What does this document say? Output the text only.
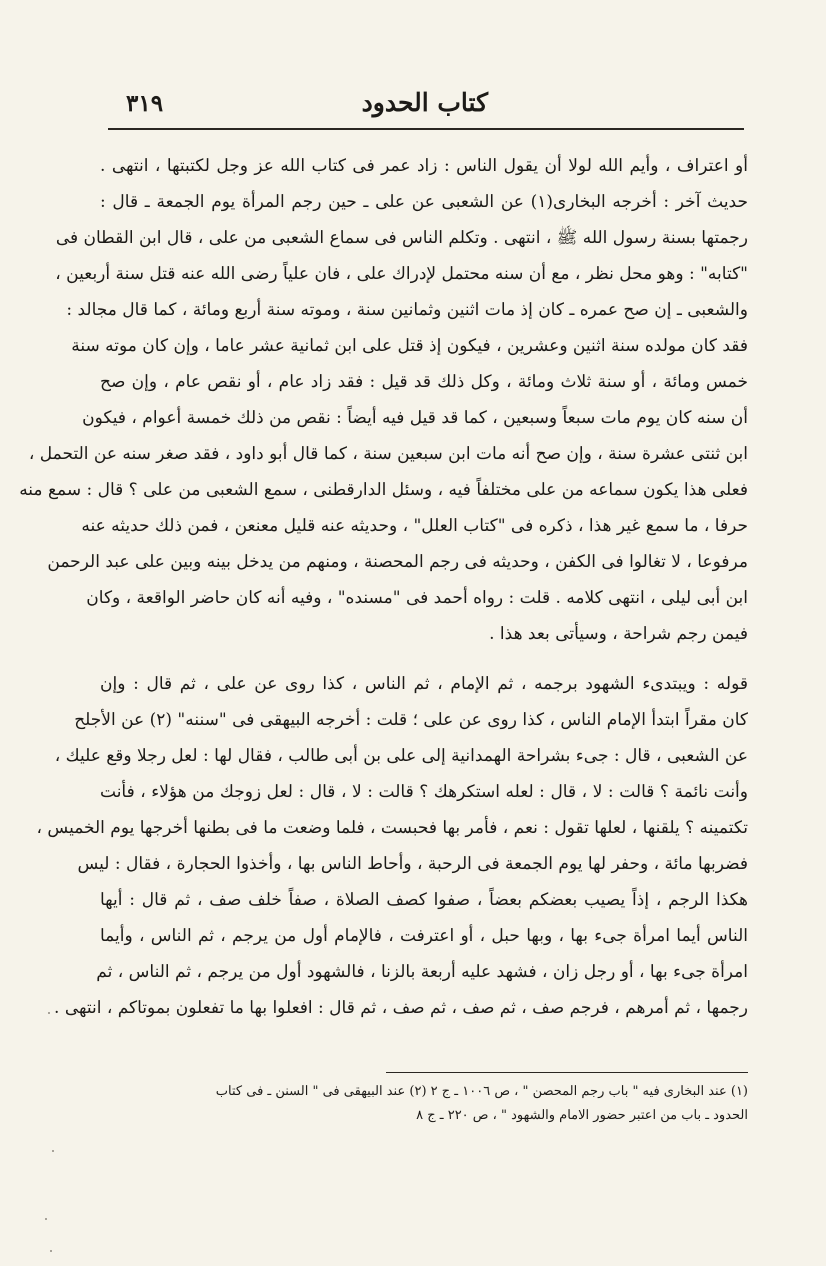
كتاب الحدود
٣١٩
أو اعتراف ، وأيم الله لولا أن يقول الناس : زاد عمر فى كتاب الله عز وجل لكتبتها ، انتهى .
حديث آخر : أخرجه البخارى(١) عن الشعبى عن على ـ حين رجم المرأة يوم الجمعة ـ قال :
رجمتها بسنة رسول الله ﷺ ، انتهى . وتكلم الناس فى سماع الشعبى من على ، قال ابن القطان فى
"كتابه" : وهو محل نظر ، مع أن سنه محتمل لإدراك على ، فان علياً رضى الله عنه قتل سنة أربعين ،
والشعبى ـ إن صح عمره ـ كان إذ مات اثنين وثمانين سنة ، وموته سنة أربع ومائة ، كما قال مجالد :
فقد كان مولده سنة اثنين وعشرين ، فيكون إذ قتل على ابن ثمانية عشر عاما ، وإن كان موته سنة
خمس ومائة ، أو سنة ثلاث ومائة ، وكل ذلك قد قيل : فقد زاد عام ، أو نقص عام ، وإن صح
أن سنه كان يوم مات سبعاً وسبعين ، كما قد قيل فيه أيضاً : نقص من ذلك خمسة أعوام ، فيكون
ابن ثنتى عشرة سنة ، وإن صح أنه مات ابن سبعين سنة ، كما قال أبو داود ، فقد صغر سنه عن التحمل ،
فعلى هذا يكون سماعه من على مختلفاً فيه ، وسئل الدارقطنى ، سمع الشعبى من على ؟ قال : سمع منه
حرفا ، ما سمع غير هذا ، ذكره فى "كتاب العلل" ، وحديثه عنه قليل معنعن ، فمن ذلك حديثه عنه
مرفوعا ، لا تغالوا فى الكفن ، وحديثه فى رجم المحصنة ، ومنهم من يدخل بينه وبين على عبد الرحمن
ابن أبى ليلى ، انتهى كلامه . قلت : رواه أحمد فى "مسنده" ، وفيه أنه كان حاضر الواقعة ، وكان
فيمن رجم شراحة ، وسيأتى بعد هذا .
قوله : ويبتدىء الشهود برجمه ، ثم الإمام ، ثم الناس ، كذا روى عن على ، ثم قال : وإن
كان مقراً ابتدأ الإمام الناس ، كذا روى عن على ؛ قلت : أخرجه البيهقى فى "سننه" (٢) عن الأجلح
عن الشعبى ، قال : جىء بشراحة الهمدانية إلى على بن أبى طالب ، فقال لها : لعل رجلا وقع عليك ،
وأنت نائمة ؟ قالت : لا ، قال : لعله استكرهك ؟ قالت : لا ، قال : لعل زوجك من هؤلاء ، فأنت
تكتمينه ؟ يلقنها ، لعلها تقول : نعم ، فأمر بها فحبست ، فلما وضعت ما فى بطنها أخرجها يوم الخميس ،
فضربها مائة ، وحفر لها يوم الجمعة فى الرحبة ، وأحاط الناس بها ، وأخذوا الحجارة ، فقال : ليس
هكذا الرجم ، إذاً يصيب بعضكم بعضاً ، صفوا كصف الصلاة ، صفاً خلف صف ، ثم قال : أيها
الناس أيما امرأة جىء بها ، وبها حبل ، أو اعترفت ، فالإمام أول من يرجم ، ثم الناس ، وأيما
امرأة جىء بها ، أو رجل زان ، فشهد عليه أربعة بالزنا ، فالشهود أول من يرجم ، ثم الناس ، ثم
رجمها ، ثم أمرهم ، فرجم صف ، ثم صف ، ثم صف ، ثم قال : افعلوا بها ما تفعلون بموتاكم ، انتهى .
(١) عند البخارى فيه " باب رجم المحصن " ، ص ١٠٠٦ ـ ج ٢ (٢) عند البيهقى فى " السنن ـ فى كتاب
الحدود ـ باب من اعتبر حضور الامام والشهود " ، ص ٢٢٠ ـ ج ٨
